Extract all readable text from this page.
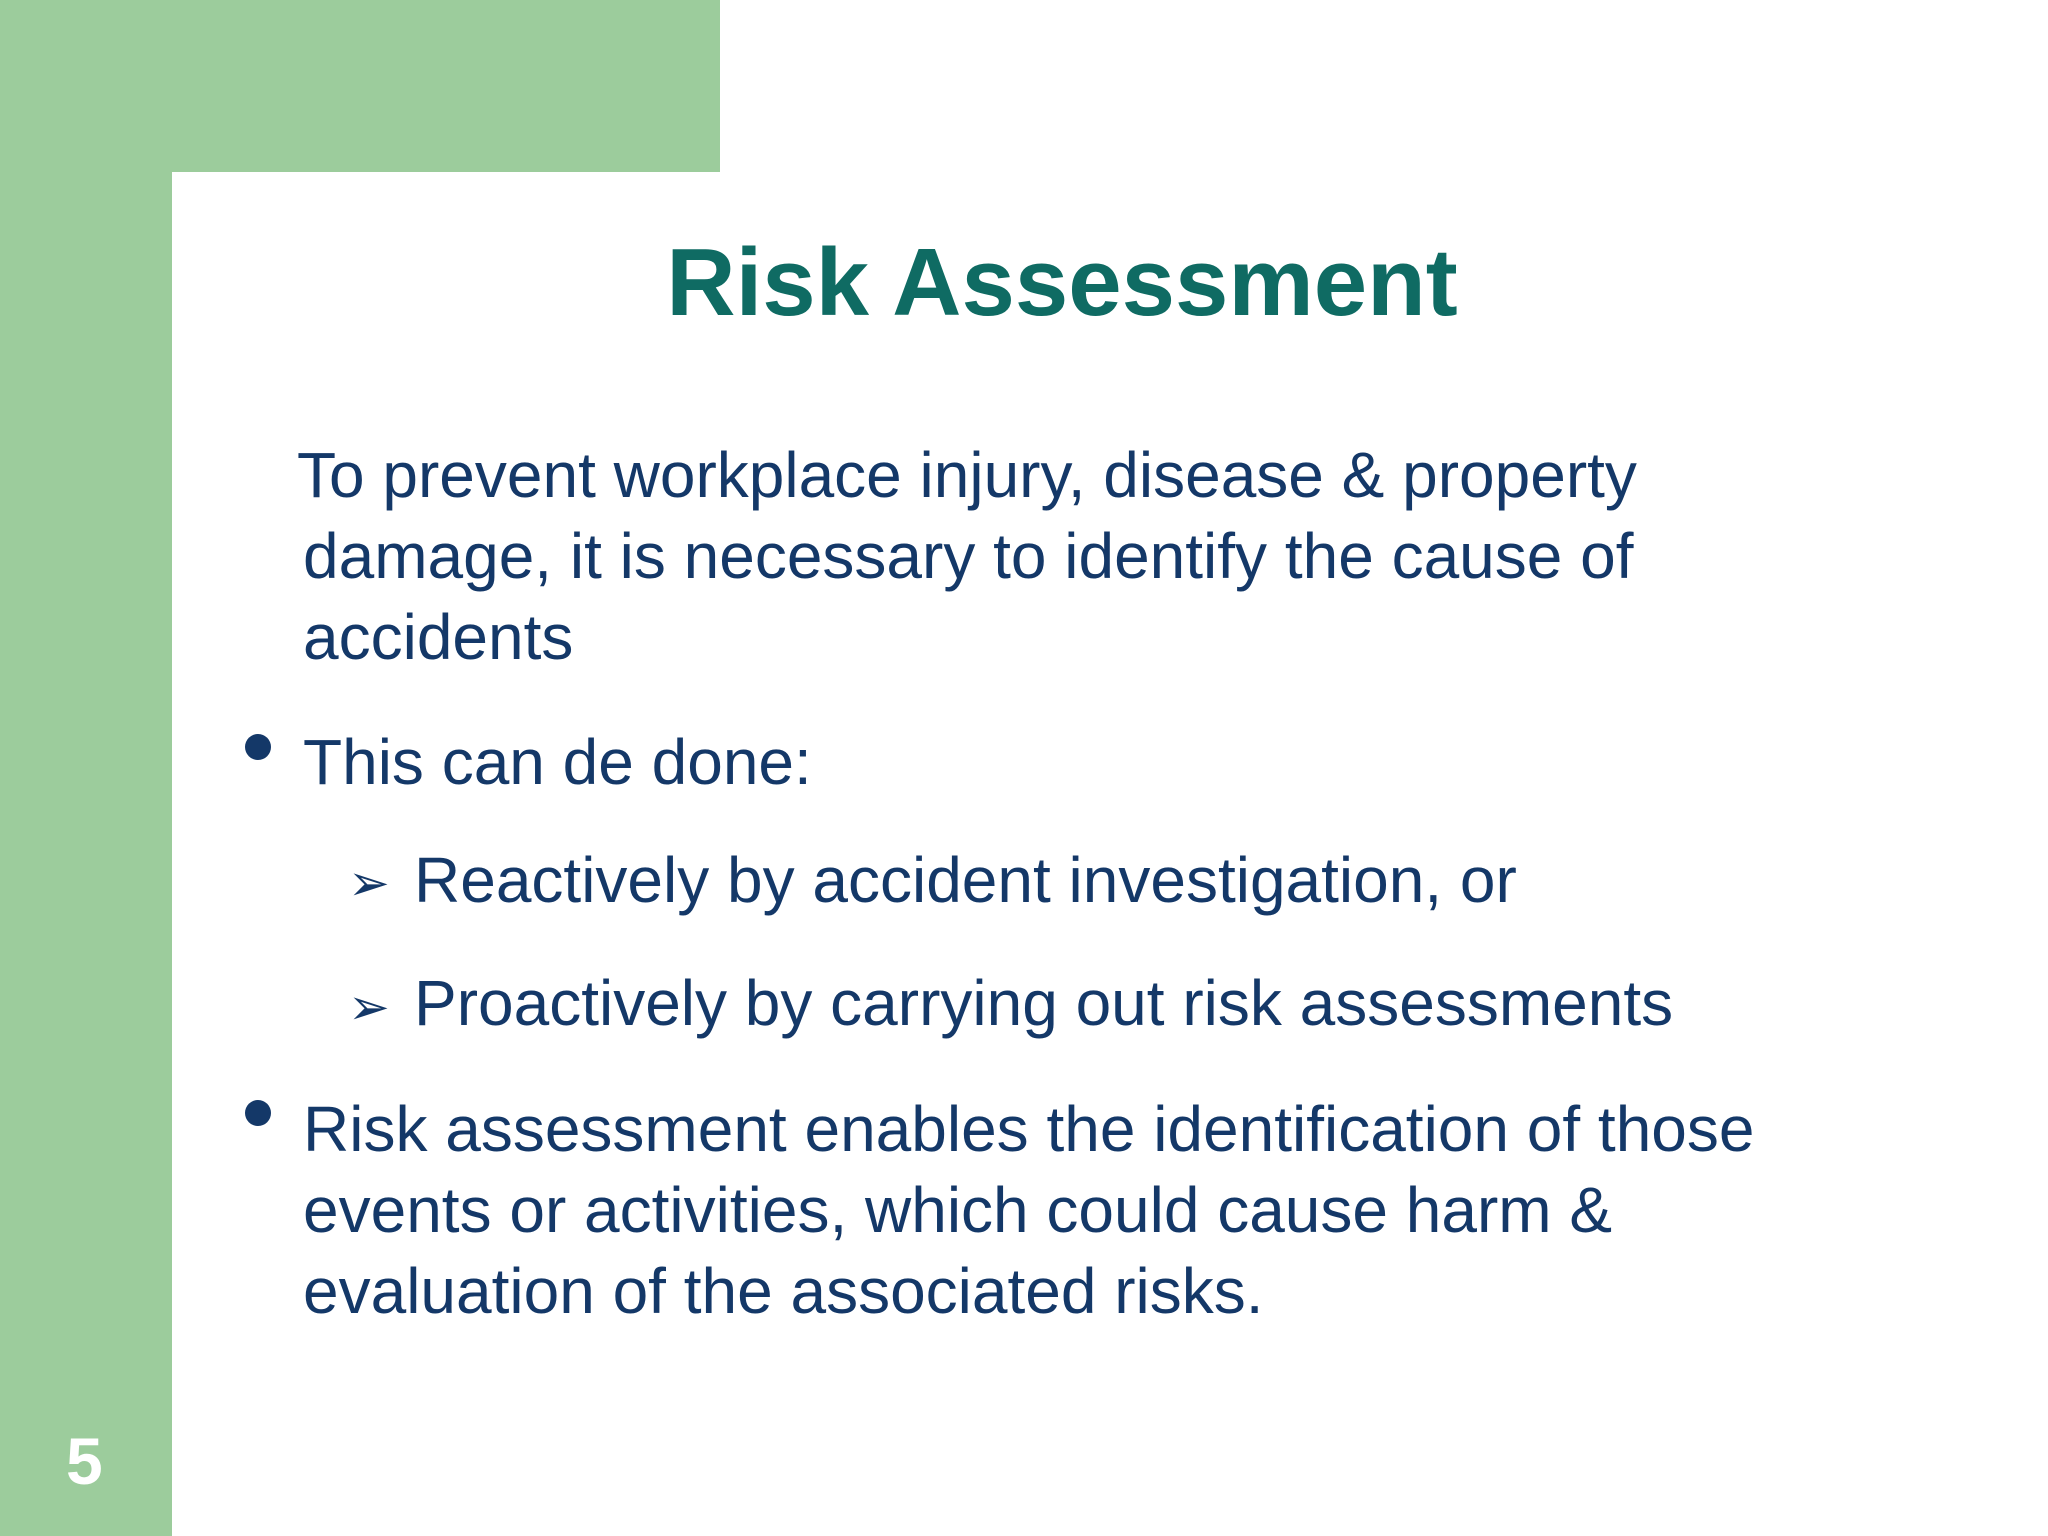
Risk Assessment
To prevent workplace injury, disease & property
damage, it is necessary to identify the cause of
accidents
This can de done:
➢ Reactively by accident investigation, or
➢ Proactively by carrying out risk assessments
Risk assessment enables the identification of those
events or activities, which could cause harm &
evaluation of the associated risks.
5
